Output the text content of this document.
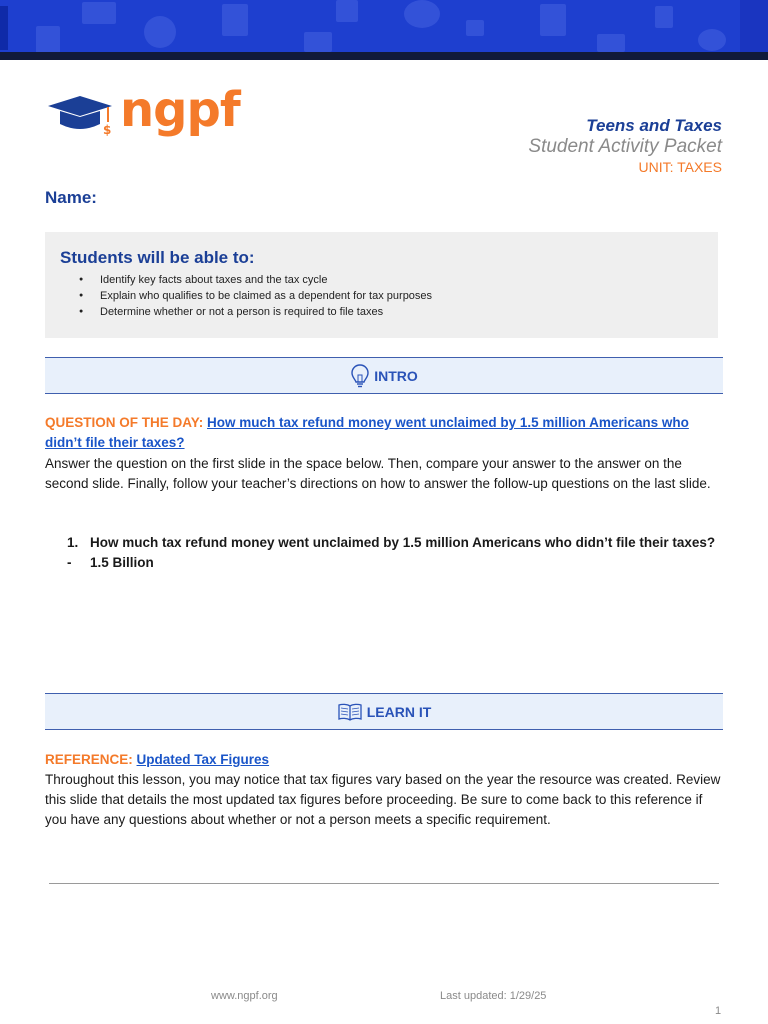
$ ngpf	Teens and Taxes
Student Activity Packet
UNIT: TAXES
Name:
Students will be able to:
● Identify key facts about taxes and the tax cycle
● Explain who qualifies to be claimed as a dependent for tax purposes
● Determine whether or not a person is required to file taxes
INTRO
QUESTION OF THE DAY: How much tax refund money went unclaimed by 1.5 million Americans who didn’t file their taxes?
Answer the question on the first slide in the space below. Then, compare your answer to the answer on the second slide. Finally, follow your teacher’s directions on how to answer the follow-up questions on the last slide.
1. How much tax refund money went unclaimed by 1.5 million Americans who didn’t file their taxes?
-	1.5 Billion
LEARN IT
REFERENCE: Updated Tax Figures
Throughout this lesson, you may notice that tax figures vary based on the year the resource was created. Review this slide that details the most updated tax figures before proceeding. Be sure to come back to this reference if you have any questions about whether or not a person meets a specific requirement.
www.ngpf.org	Last updated: 1/29/25
1
